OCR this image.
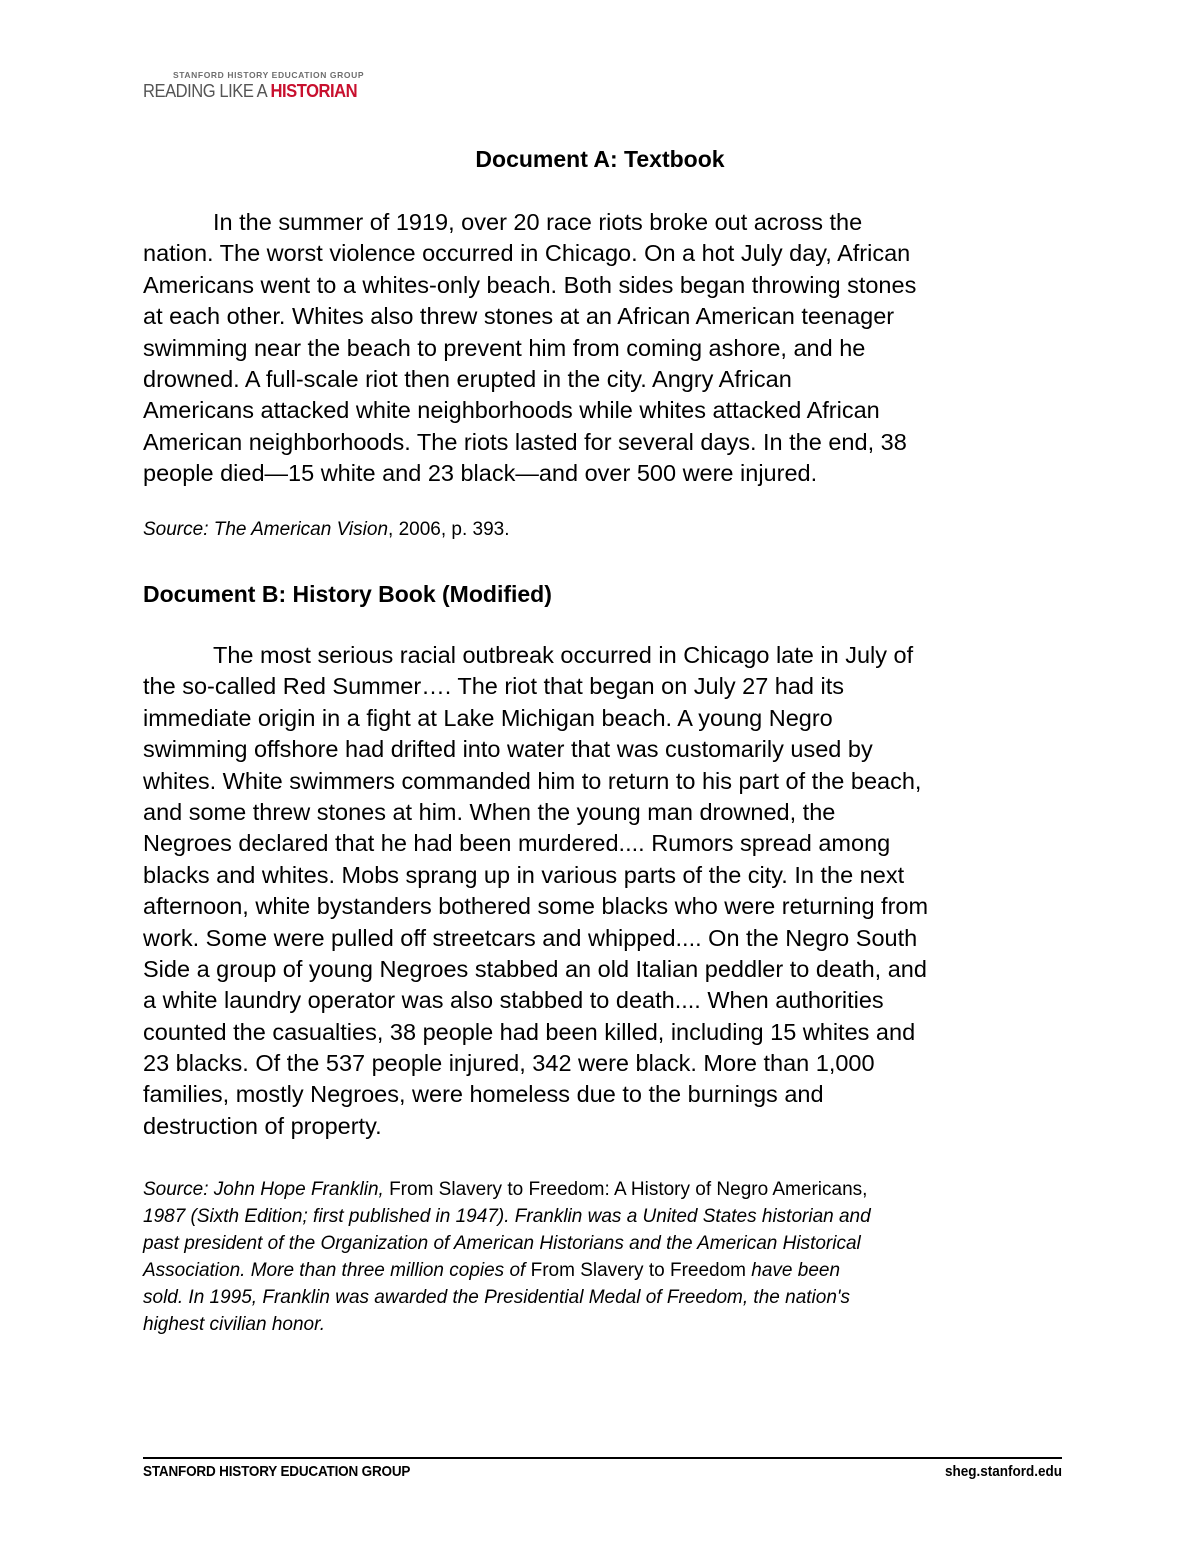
STANFORD HISTORY EDUCATION GROUP
READING LIKE A HISTORIAN
Document A: Textbook
In the summer of 1919, over 20 race riots broke out across the
nation. The worst violence occurred in Chicago. On a hot July day, African
Americans went to a whites-only beach. Both sides began throwing stones
at each other. Whites also threw stones at an African American teenager
swimming near the beach to prevent him from coming ashore, and he
drowned. A full-scale riot then erupted in the city. Angry African
Americans attacked white neighborhoods while whites attacked African
American neighborhoods. The riots lasted for several days. In the end, 38
people died—15 white and 23 black—and over 500 were injured.
Source: The American Vision, 2006, p. 393.
Document B: History Book (Modified)
The most serious racial outbreak occurred in Chicago late in July of
the so-called Red Summer…. The riot that began on July 27 had its
immediate origin in a fight at Lake Michigan beach. A young Negro
swimming offshore had drifted into water that was customarily used by
whites. White swimmers commanded him to return to his part of the beach,
and some threw stones at him. When the young man drowned, the
Negroes declared that he had been murdered.... Rumors spread among
blacks and whites. Mobs sprang up in various parts of the city. In the next
afternoon, white bystanders bothered some blacks who were returning from
work. Some were pulled off streetcars and whipped.... On the Negro South
Side a group of young Negroes stabbed an old Italian peddler to death, and
a white laundry operator was also stabbed to death.... When authorities
counted the casualties, 38 people had been killed, including 15 whites and
23 blacks. Of the 537 people injured, 342 were black. More than 1,000
families, mostly Negroes, were homeless due to the burnings and
destruction of property.
Source: John Hope Franklin, From Slavery to Freedom: A History of Negro Americans,
1987 (Sixth Edition; first published in 1947). Franklin was a United States historian and
past president of the Organization of American Historians and the American Historical
Association. More than three million copies of From Slavery to Freedom have been
sold. In 1995, Franklin was awarded the Presidential Medal of Freedom, the nation's
highest civilian honor.
STANFORD HISTORY EDUCATION GROUP	sheg.stanford.edu
